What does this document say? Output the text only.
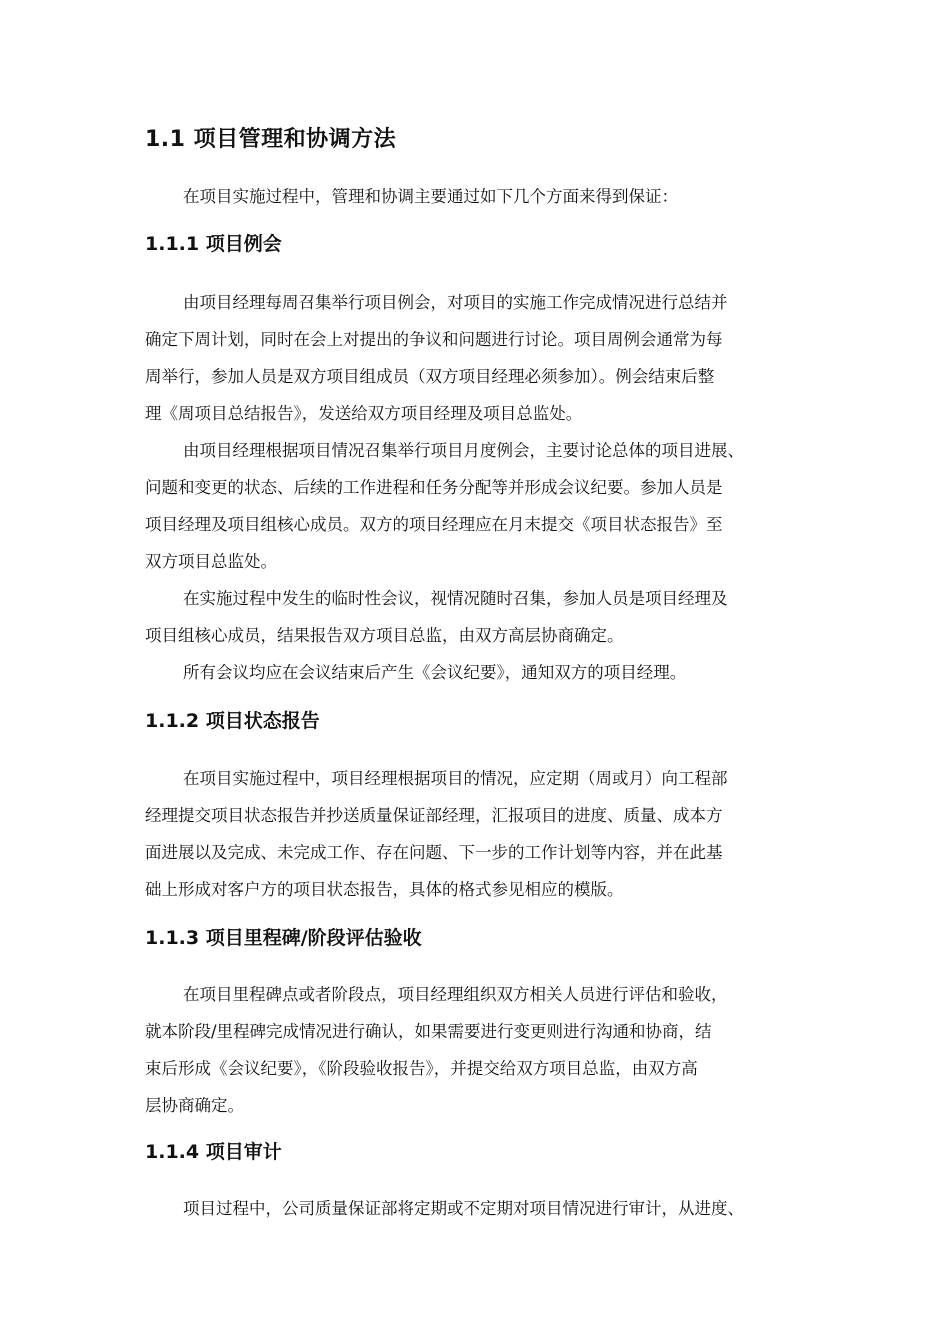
1.1 项目管理和协调方法
在项目实施过程中，管理和协调主要通过如下几个方面来得到保证：
1.1.1 项目例会
由项目经理每周召集举行项目例会，对项目的实施工作完成情况进行总结并
确定下周计划，同时在会上对提出的争议和问题进行讨论。项目周例会通常为每
周举行，参加人员是双方项目组成员（双方项目经理必须参加）。例会结束后整
理《周项目总结报告》，发送给双方项目经理及项目总监处。
由项目经理根据项目情况召集举行项目月度例会，主要讨论总体的项目进展、
问题和变更的状态、后续的工作进程和任务分配等并形成会议纪要。参加人员是
项目经理及项目组核心成员。双方的项目经理应在月末提交《项目状态报告》至
双方项目总监处。
在实施过程中发生的临时性会议，视情况随时召集，参加人员是项目经理及
项目组核心成员，结果报告双方项目总监，由双方高层协商确定。
所有会议均应在会议结束后产生《会议纪要》，通知双方的项目经理。
1.1.2 项目状态报告
在项目实施过程中，项目经理根据项目的情况，应定期（周或月）向工程部
经理提交项目状态报告并抄送质量保证部经理，汇报项目的进度、质量、成本方
面进展以及完成、未完成工作、存在问题、下一步的工作计划等内容，并在此基
础上形成对客户方的项目状态报告，具体的格式参见相应的模版。
1.1.3 项目里程碑/阶段评估验收
在项目里程碑点或者阶段点，项目经理组织双方相关人员进行评估和验收，
就本阶段/里程碑完成情况进行确认，如果需要进行变更则进行沟通和协商，结
束后形成《会议纪要》，《阶段验收报告》，并提交给双方项目总监，由双方高
层协商确定。
1.1.4 项目审计
项目过程中，公司质量保证部将定期或不定期对项目情况进行审计，从进度、
